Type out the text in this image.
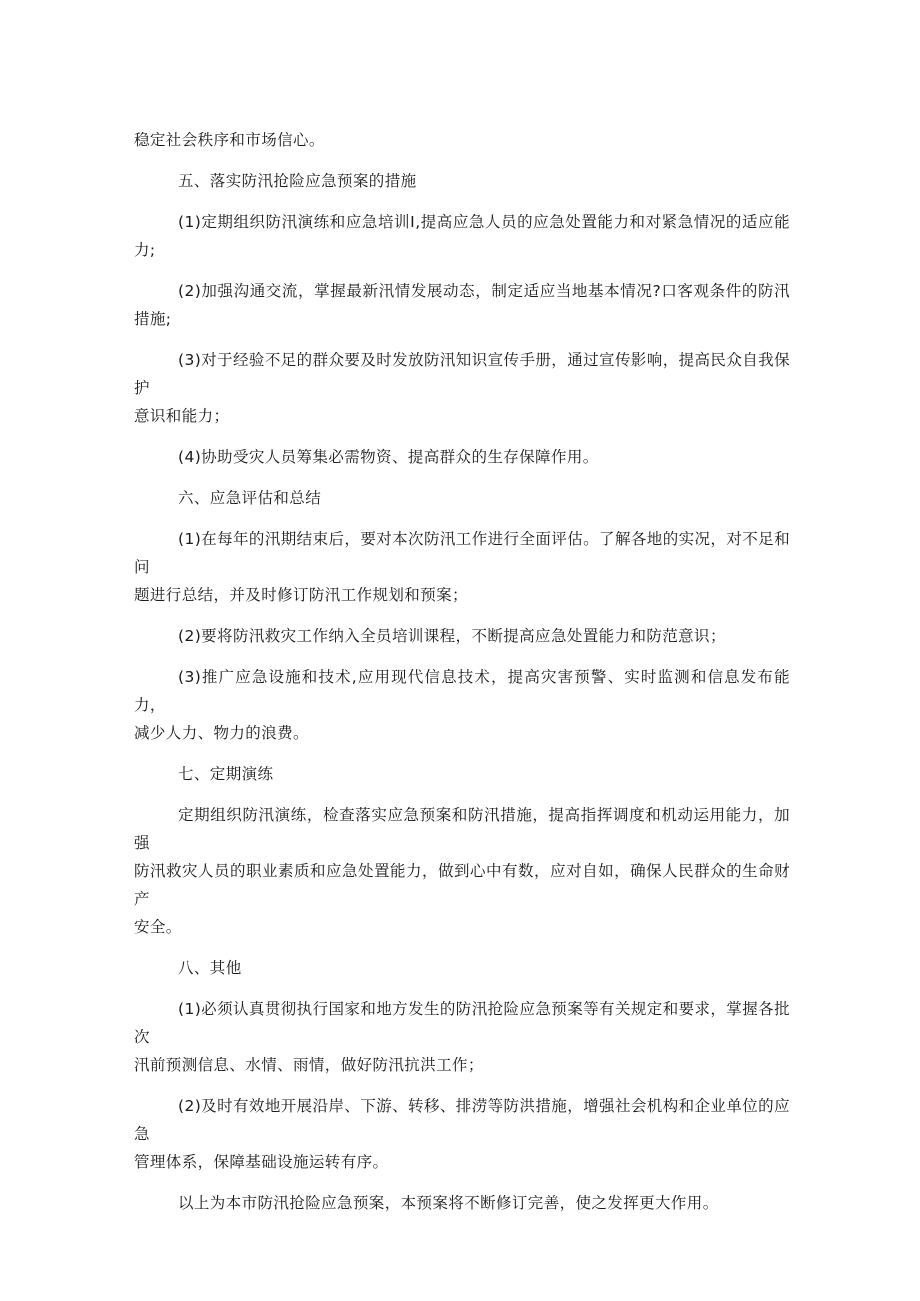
稳定社会秩序和市场信心。

五、落实防汛抢险应急预案的措施

(1)定期组织防汛演练和应急培训Ⅰ,提高应急人员的应急处置能力和对紧急情况的适应能力;

(2)加强沟通交流，掌握最新汛情发展动态，制定适应当地基本情况?口客观条件的防汛措施;

(3)对于经验不足的群众要及时发放防汛知识宣传手册，通过宣传影响，提高民众自我保护
意识和能力；

(4)协助受灾人员筹集必需物资、提高群众的生存保障作用。

六、应急评估和总结

(1)在每年的汛期结束后，要对本次防汛工作进行全面评估。了解各地的实况，对不足和问
题进行总结，并及时修订防汛工作规划和预案；

(2)要将防汛救灾工作纳入全员培训课程，不断提高应急处置能力和防范意识；

(3)推广应急设施和技术,应用现代信息技术，提高灾害预警、实时监测和信息发布能力，
减少人力、物力的浪费。

七、定期演练

定期组织防汛演练，检查落实应急预案和防汛措施，提高指挥调度和机动运用能力，加强
防汛救灾人员的职业素质和应急处置能力，做到心中有数，应对自如，确保人民群众的生命财产
安全。

八、其他

(1)必须认真贯彻执行国家和地方发生的防汛抢险应急预案等有关规定和要求，掌握各批次
汛前预测信息、水情、雨情，做好防汛抗洪工作；

(2)及时有效地开展沿岸、下游、转移、排涝等防洪措施，增强社会机构和企业单位的应急
管理体系，保障基础设施运转有序。

以上为本市防汛抢险应急预案，本预案将不断修订完善，使之发挥更大作用。
